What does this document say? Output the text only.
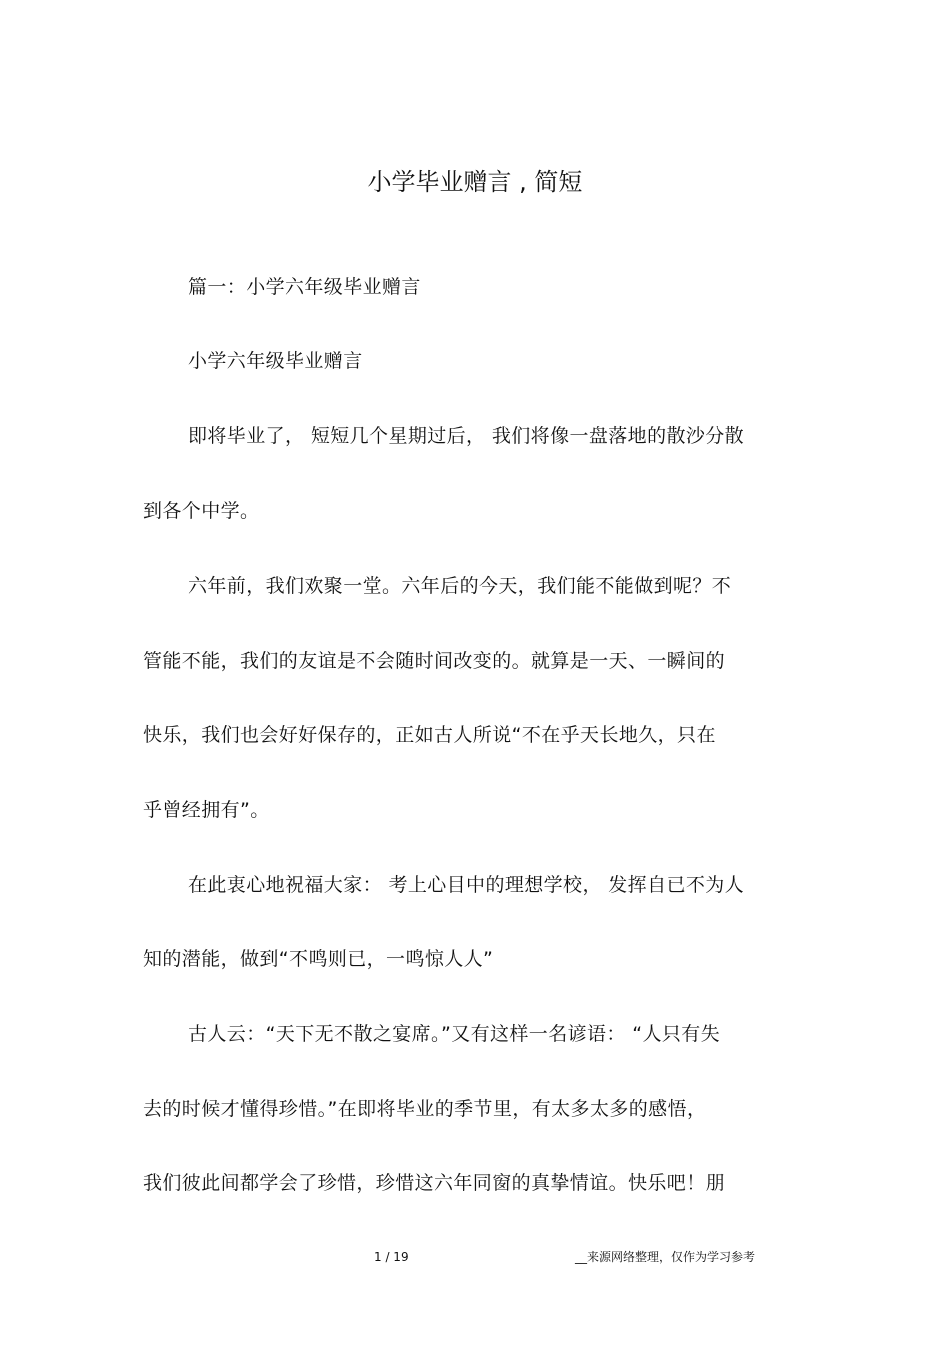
小学毕业赠言 , 简短
篇一：小学六年级毕业赠言
小学六年级毕业赠言
即将毕业了， 短短几个星期过后， 我们将像一盘落地的散沙分散
到各个中学。
六年前，我们欢聚一堂。六年后的今天，我们能不能做到呢？不
管能不能，我们的友谊是不会随时间改变的。就算是一天、一瞬间的
快乐，我们也会好好保存的，正如古人所说“不在乎天长地久，只在
乎曾经拥有”。
在此衷心地祝福大家： 考上心目中的理想学校， 发挥自已不为人
知的潜能，做到“不鸣则已，一鸣惊人人”
古人云：“天下无不散之宴席。”又有这样一名谚语： “人只有失
去的时候才懂得珍惜。”在即将毕业的季节里，有太多太多的感悟，
我们彼此间都学会了珍惜，珍惜这六年同窗的真挚情谊。快乐吧！朋
1 / 19	__来源网络整理，仅作为学习参考
